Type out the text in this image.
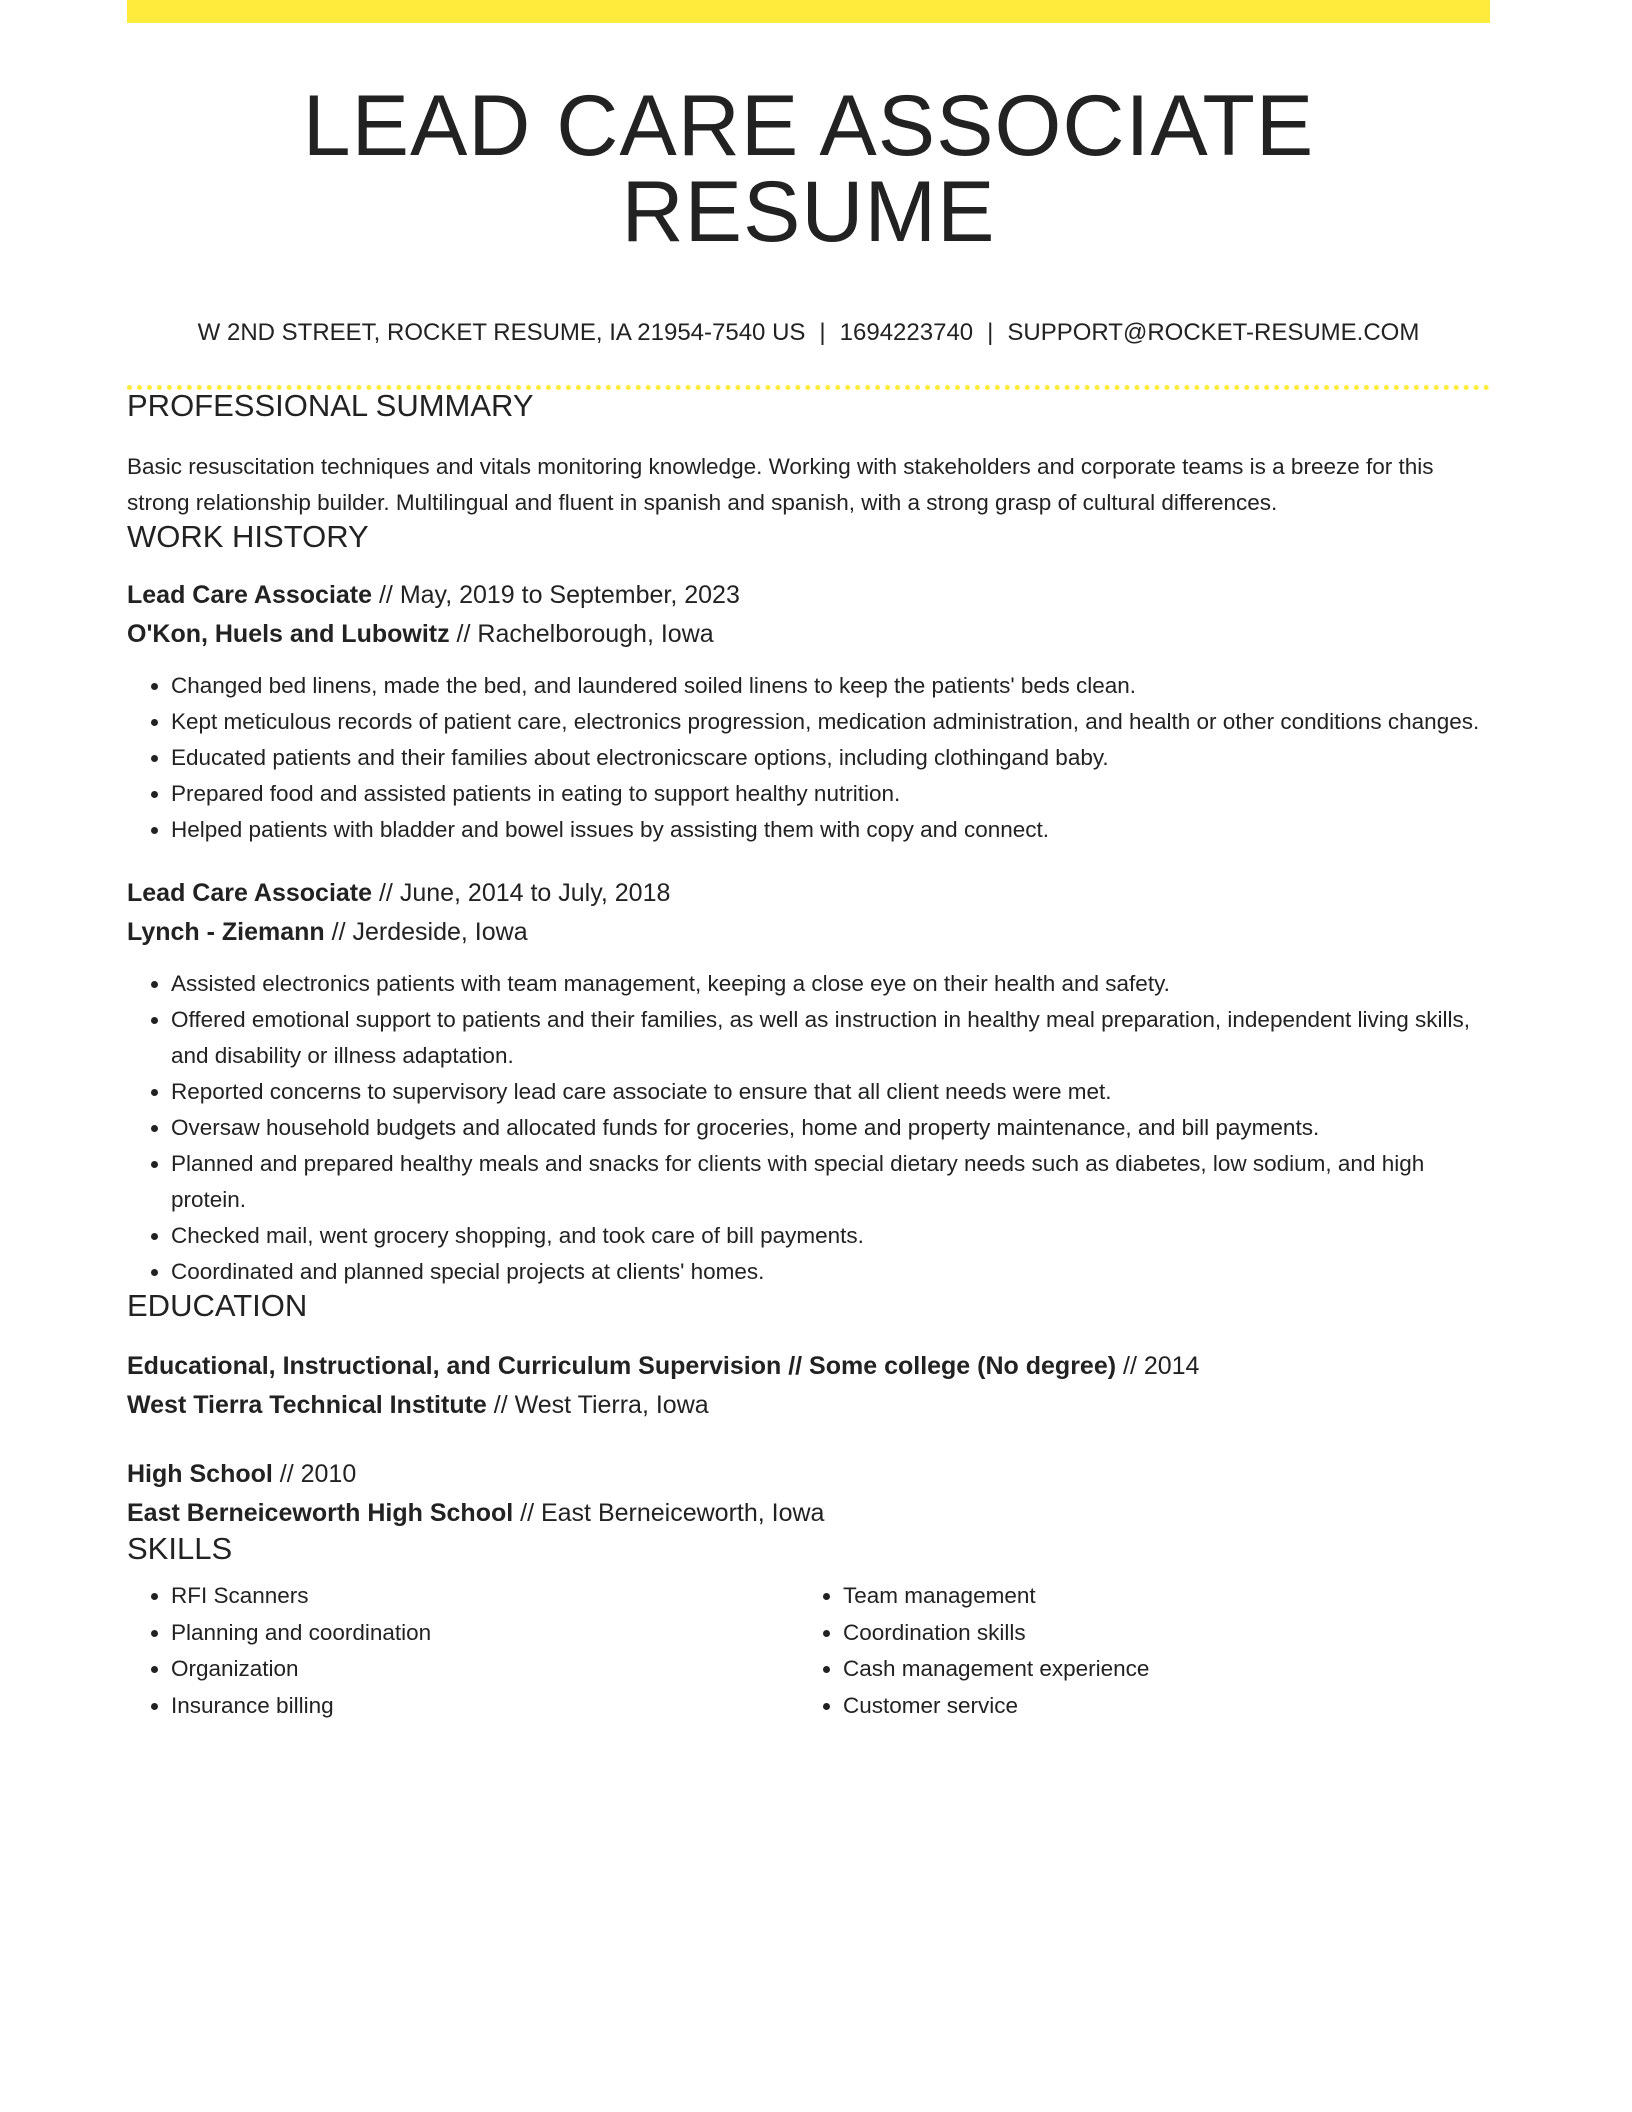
LEAD CARE ASSOCIATE RESUME
W 2ND STREET, ROCKET RESUME, IA 21954-7540 US | 1694223740 | SUPPORT@ROCKET-RESUME.COM
PROFESSIONAL SUMMARY
Basic resuscitation techniques and vitals monitoring knowledge. Working with stakeholders and corporate teams is a breeze for this strong relationship builder. Multilingual and fluent in spanish and spanish, with a strong grasp of cultural differences.
WORK HISTORY
Lead Care Associate // May, 2019 to September, 2023
O'Kon, Huels and Lubowitz // Rachelborough, Iowa
• Changed bed linens, made the bed, and laundered soiled linens to keep the patients' beds clean.
• Kept meticulous records of patient care, electronics progression, medication administration, and health or other conditions changes.
• Educated patients and their families about electronicscare options, including clothingand baby.
• Prepared food and assisted patients in eating to support healthy nutrition.
• Helped patients with bladder and bowel issues by assisting them with copy and connect.
Lead Care Associate // June, 2014 to July, 2018
Lynch - Ziemann // Jerdeside, Iowa
• Assisted electronics patients with team management, keeping a close eye on their health and safety.
• Offered emotional support to patients and their families, as well as instruction in healthy meal preparation, independent living skills, and disability or illness adaptation.
• Reported concerns to supervisory lead care associate to ensure that all client needs were met.
• Oversaw household budgets and allocated funds for groceries, home and property maintenance, and bill payments.
• Planned and prepared healthy meals and snacks for clients with special dietary needs such as diabetes, low sodium, and high protein.
• Checked mail, went grocery shopping, and took care of bill payments.
• Coordinated and planned special projects at clients' homes.
EDUCATION
Educational, Instructional, and Curriculum Supervision // Some college (No degree) // 2014
West Tierra Technical Institute // West Tierra, Iowa
High School // 2010
East Berneiceworth High School // East Berneiceworth, Iowa
SKILLS
• RFI Scanners
• Planning and coordination
• Organization
• Insurance billing
• Team management
• Coordination skills
• Cash management experience
• Customer service
